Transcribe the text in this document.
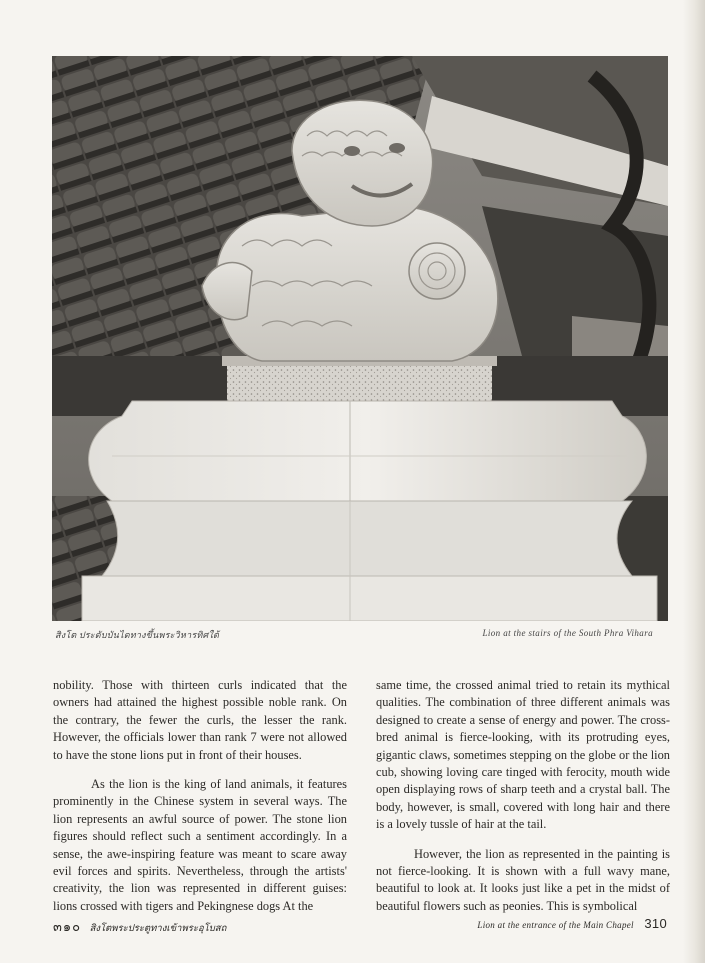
สิงโต ประดับบันไดทางขึ้นพระวิหารทิศใต้	Lion at the stairs of the South Phra Vihara

nobility. Those with thirteen curls indicated that the owners had attained the highest possible noble rank. On the contrary, the fewer the curls, the lesser the rank. However, the officials lower than rank 7 were not allowed to have the stone lions put in front of their houses.

As the lion is the king of land animals, it features prominently in the Chinese system in several ways. The lion represents an awful source of power. The stone lion figures should reflect such a sentiment accordingly. In a sense, the awe-inspiring feature was meant to scare away evil forces and spirits. Nevertheless, through the artists' creativity, the lion was represented in different guises: lions crossed with tigers and Pekingnese dogs At the

same time, the crossed animal tried to retain its mythical qualities. The combination of three different animals was designed to create a sense of energy and power. The cross-bred animal is fierce-looking, with its protruding eyes, gigantic claws, sometimes stepping on the globe or the lion cub, showing loving care tinged with ferocity, mouth wide open displaying rows of sharp teeth and a crystal ball. The body, however, is small, covered with long hair and there is a lovely tussle of hair at the tail.

However, the lion as represented in the painting is not fierce-looking. It is shown with a full wavy mane, beautiful to look at. It looks just like a pet in the midst of beautiful flowers such as peonies. This is symbolical

๓๑๐ สิงโตพระประตูทางเข้าพระอุโบสถ	Lion at the entrance of the Main Chapel 310
